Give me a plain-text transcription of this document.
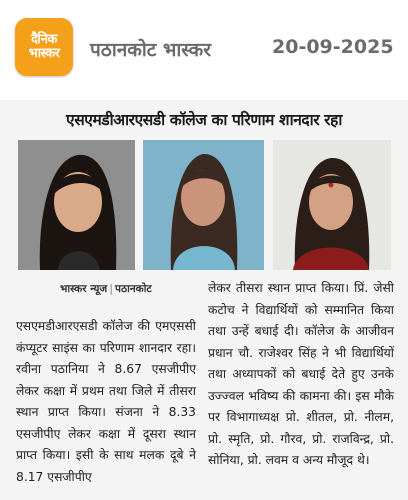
दैनिक
भास्कर पठानकोट भास्कर	20-09-2025
एसएमडीआरएसडी कॉलेज का परिणाम शानदार रहा
भास्कर न्यूज | पठानकोट
एसएमडीआरएसडी कॉलेज की एमएससी कंप्यूटर साइंस का परिणाम शानदार रहा। रवीना पठानिया ने 8.67 एसजीपीए लेकर कक्षा में प्रथम तथा जिले में तीसरा स्थान प्राप्त किया। संजना ने 8.33 एसजीपीए लेकर कक्षा में दूसरा स्थान प्राप्त किया। इसी के साथ मलक दूबे ने 8.17 एसजीपीए
लेकर तीसरा स्थान प्राप्त किया। प्रिं. जेसी कटोच ने विद्यार्थियों को सम्मानित किया तथा उन्हें बधाई दी। कॉलेज के आजीवन प्रधान चौ. राजेश्वर सिंह ने भी विद्यार्थियों तथा अध्यापकों को बधाई देते हुए उनके उज्ज्वल भविष्य की कामना की। इस मौके पर विभागाध्यक्ष प्रो. शीतल, प्रो. नीलम, प्रो. स्मृति, प्रो. गौरव, प्रो. राजविन्द्र, प्रो. सोनिया, प्रो. लवम व अन्य मौजूद थे।
